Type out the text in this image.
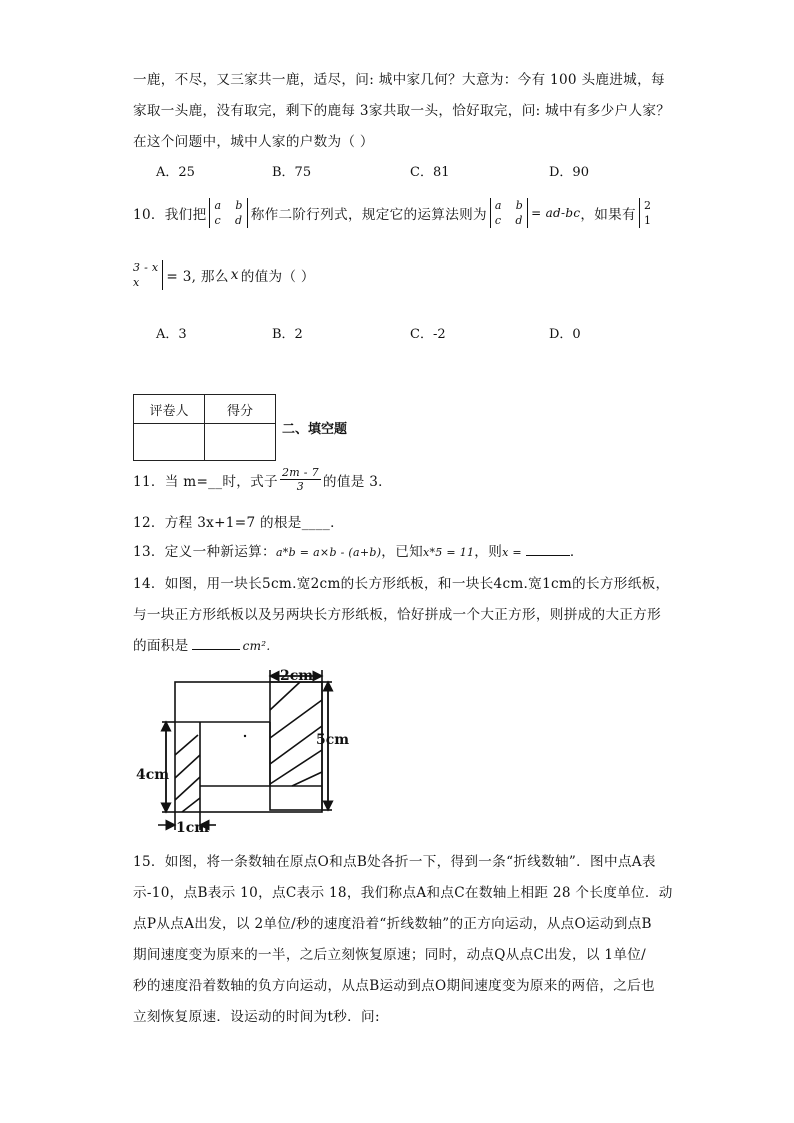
一鹿，不尽，又三家共一鹿，适尽，问: 城中家几何？大意为：今有 100 头鹿进城，每
家取一头鹿，没有取完，剩下的鹿每 3家共取一头，恰好取完，问: 城中有多少户人家？
在这个问题中，城中人家的户数为（ ）
A．25	B．75	C．81	D．90
10．我们把
a b
c d 称作二阶行列式，规定它的运算法则为
a b
c d
= ad-bc ，如果有
2
1
3 - x
x = 3, 那么 x 的值为（ ）
A．3	B．2	C．-2	D．0
评卷人	得分

二、填空题
11．当 m=__时，式子 $\frac{2m - 7}{3}$ 的值是 3．
12．方程 3x+1=7 的根是____．
13．定义一种新运算：a*b = a×b - (a+b)，已知x*5 = 11，则x =	．
14．如图，用一块长5cm.宽2cm的长方形纸板，和一块长4cm.宽1cm的长方形纸板，
与一块正方形纸板以及另两块长方形纸板，恰好拼成一个大正方形，则拼成的大正方形
的面积是	cm².
2cm
5cm
4cm
1cm
15．如图，将一条数轴在原点O和点B处各折一下，得到一条“折线数轴”．图中点A表
示-10，点B表示 10，点C表示 18，我们称点A和点C在数轴上相距 28 个长度单位．动
点P从点A出发，以 2单位/秒的速度沿着“折线数轴”的正方向运动，从点O运动到点B
期间速度变为原来的一半，之后立刻恢复原速；同时，动点Q从点C出发，以 1单位/
秒的速度沿着数轴的负方向运动，从点B运动到点O期间速度变为原来的两倍，之后也
立刻恢复原速．设运动的时间为t秒．问:
